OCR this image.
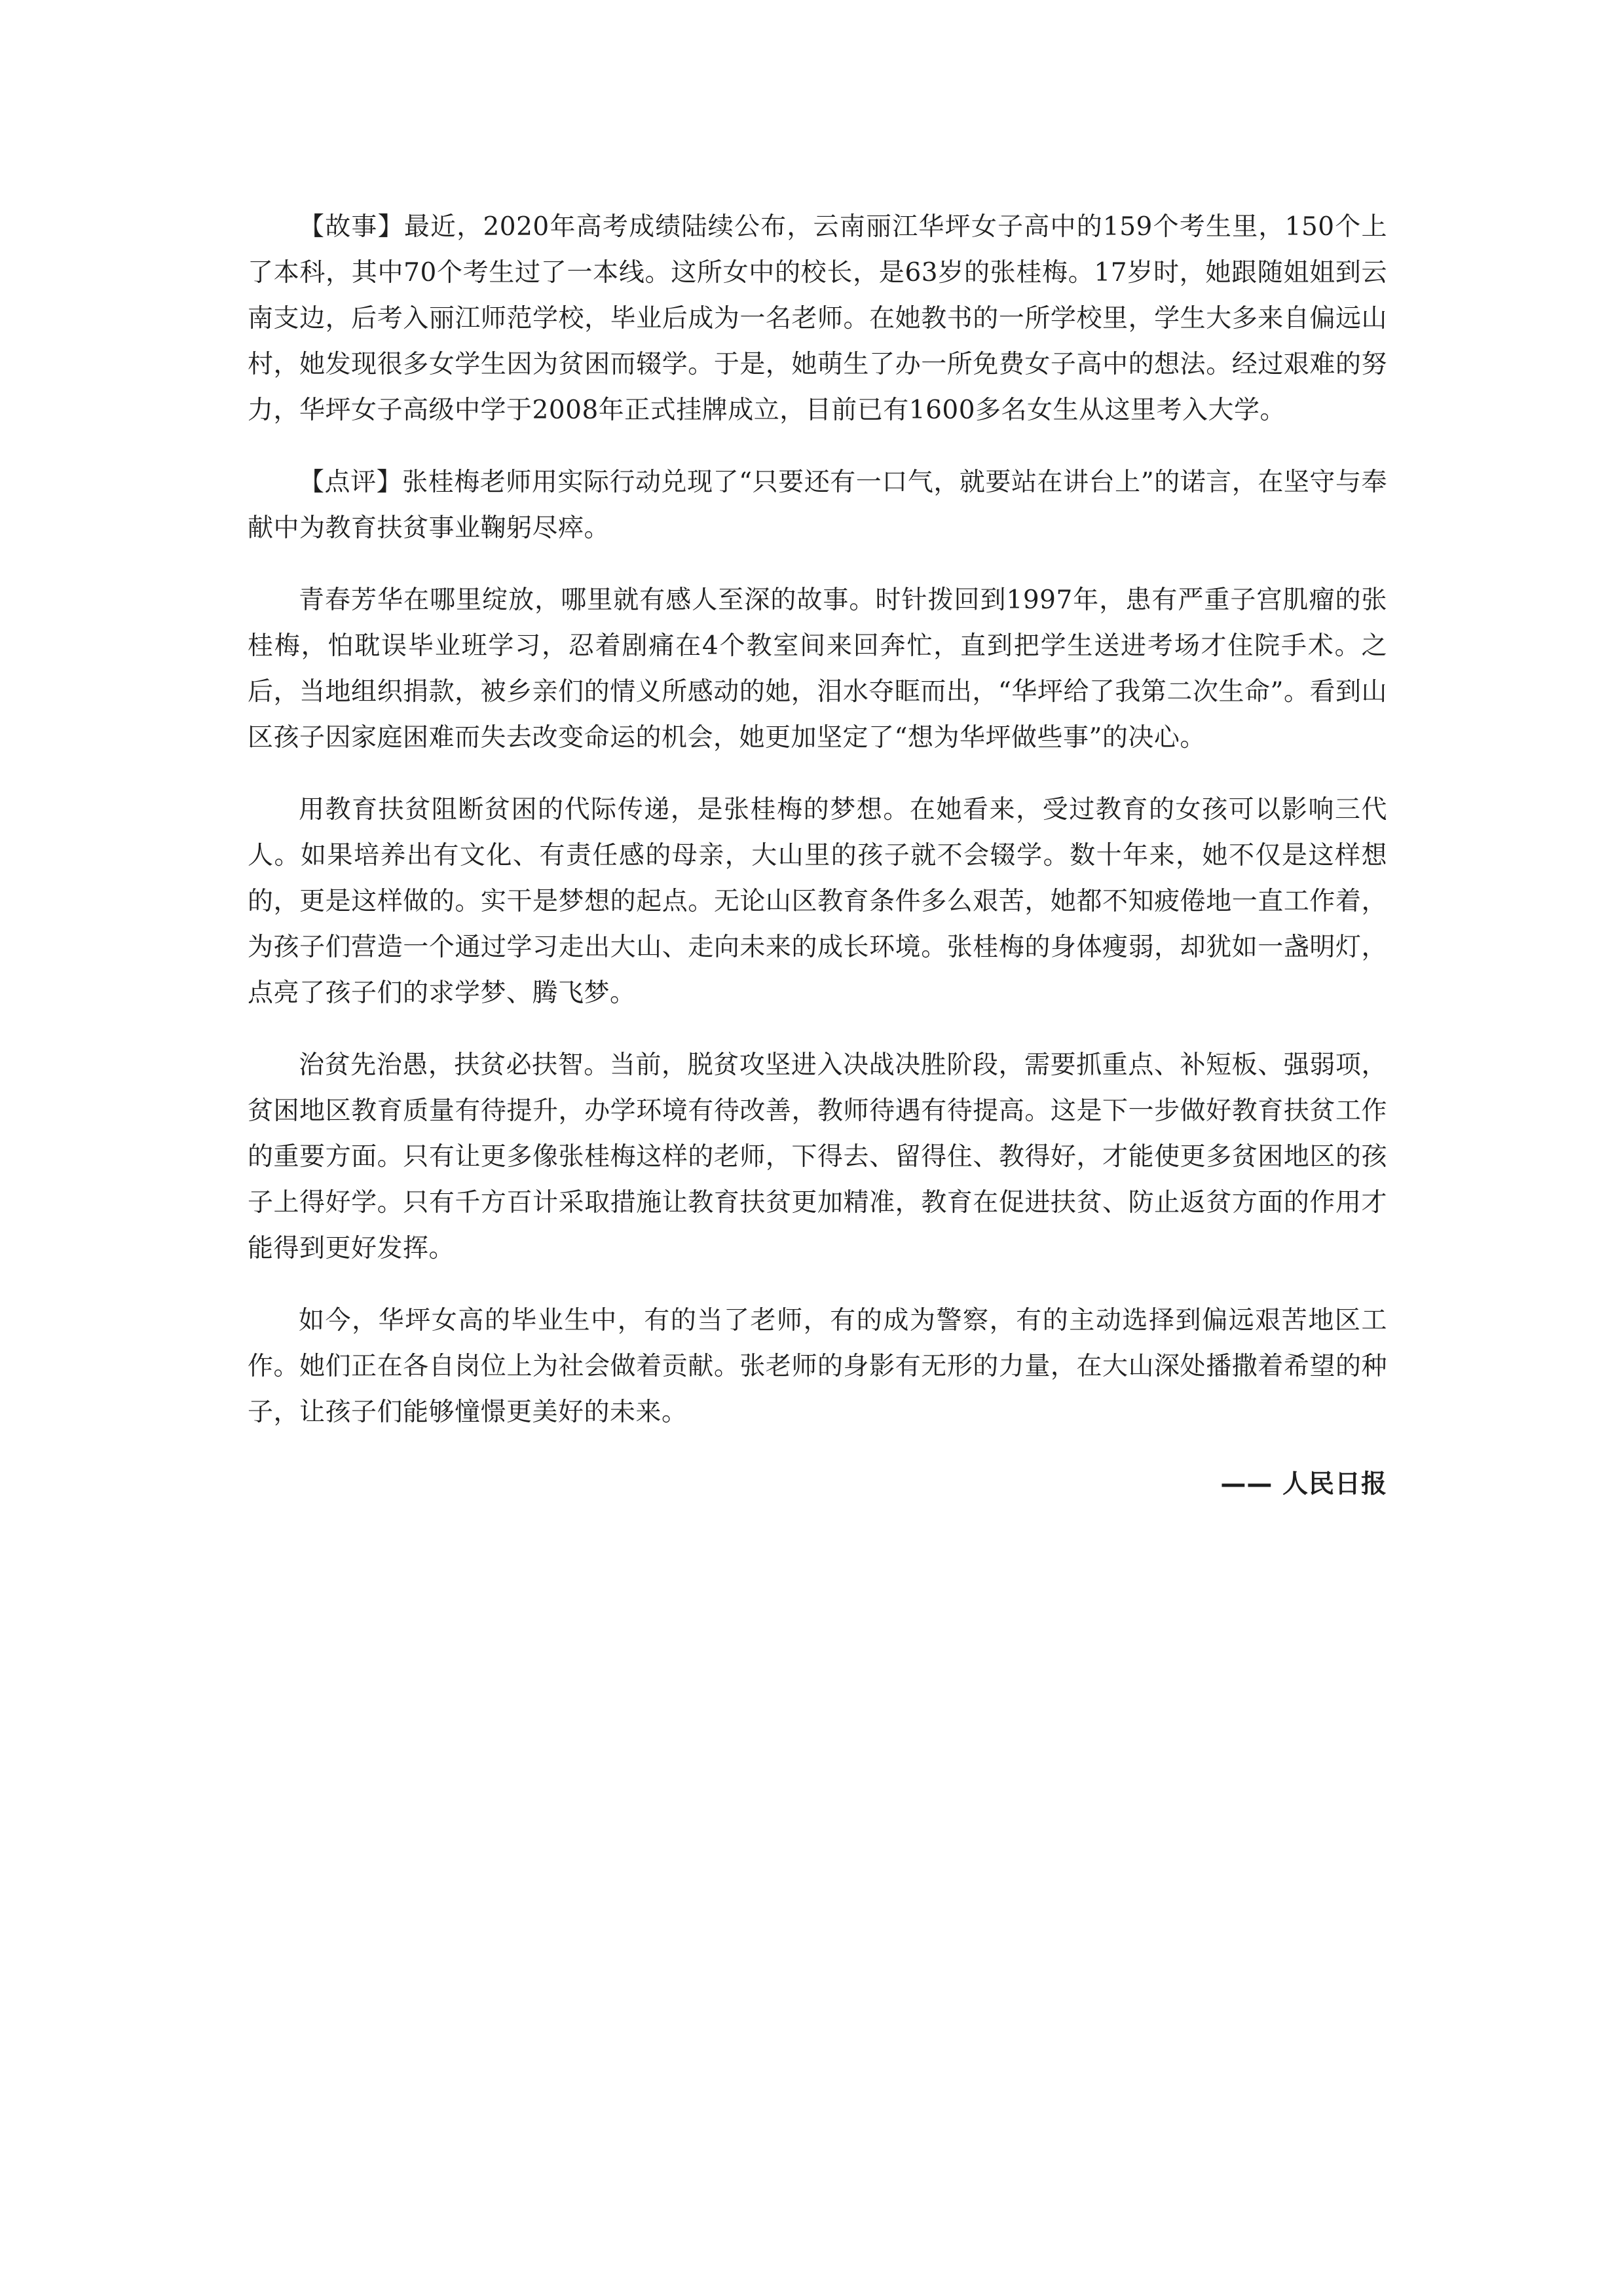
【故事】最近，2020年高考成绩陆续公布，云南丽江华坪女子高中的159个考生里，150个上了本科，其中70个考生过了一本线。这所女中的校长，是63岁的张桂梅。17岁时，她跟随姐姐到云南支边，后考入丽江师范学校，毕业后成为一名老师。在她教书的一所学校里，学生大多来自偏远山村，她发现很多女学生因为贫困而辍学。于是，她萌生了办一所免费女子高中的想法。经过艰难的努力，华坪女子高级中学于2008年正式挂牌成立，目前已有1600多名女生从这里考入大学。

【点评】张桂梅老师用实际行动兑现了“只要还有一口气，就要站在讲台上”的诺言，在坚守与奉献中为教育扶贫事业鞠躬尽瘁。

青春芳华在哪里绽放，哪里就有感人至深的故事。时针拨回到1997年，患有严重子宫肌瘤的张桂梅，怕耽误毕业班学习，忍着剧痛在4个教室间来回奔忙，直到把学生送进考场才住院手术。之后，当地组织捐款，被乡亲们的情义所感动的她，泪水夺眶而出，“华坪给了我第二次生命”。看到山区孩子因家庭困难而失去改变命运的机会，她更加坚定了“想为华坪做些事”的决心。

用教育扶贫阻断贫困的代际传递，是张桂梅的梦想。在她看来，受过教育的女孩可以影响三代人。如果培养出有文化、有责任感的母亲，大山里的孩子就不会辍学。数十年来，她不仅是这样想的，更是这样做的。实干是梦想的起点。无论山区教育条件多么艰苦，她都不知疲倦地一直工作着，为孩子们营造一个通过学习走出大山、走向未来的成长环境。张桂梅的身体瘦弱，却犹如一盏明灯，点亮了孩子们的求学梦、腾飞梦。

治贫先治愚，扶贫必扶智。当前，脱贫攻坚进入决战决胜阶段，需要抓重点、补短板、强弱项，贫困地区教育质量有待提升，办学环境有待改善，教师待遇有待提高。这是下一步做好教育扶贫工作的重要方面。只有让更多像张桂梅这样的老师，下得去、留得住、教得好，才能使更多贫困地区的孩子上得好学。只有千方百计采取措施让教育扶贫更加精准，教育在促进扶贫、防止返贫方面的作用才能得到更好发挥。

如今，华坪女高的毕业生中，有的当了老师，有的成为警察，有的主动选择到偏远艰苦地区工作。她们正在各自岗位上为社会做着贡献。张老师的身影有无形的力量，在大山深处播撒着希望的种子，让孩子们能够憧憬更美好的未来。

—— 人民日报
